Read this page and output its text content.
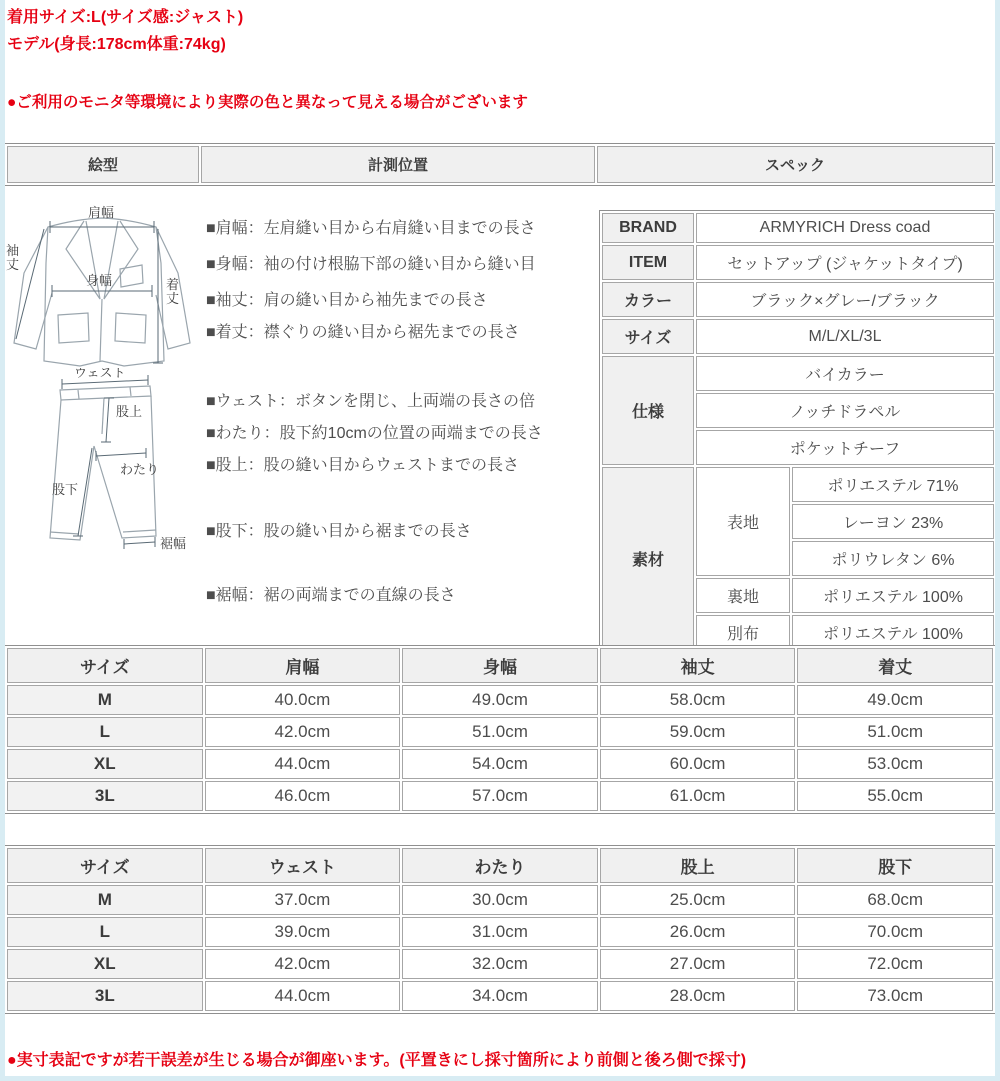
着用サイズ:L(サイズ感:ジャスト)
モデル(身長:178cm体重:74kg)
●ご利用のモニタ等環境により実際の色と異なって見える場合がございます
絵型	計測位置	スペック
肩幅
袖
丈
身幅	着
丈
ウェスト
股上
わたり
股下
裾幅
■肩幅：左肩縫い目から右肩縫い目までの長さ
■身幅：袖の付け根脇下部の縫い目から縫い目
■袖丈：肩の縫い目から袖先までの長さ
■着丈：襟ぐりの縫い目から裾先までの長さ
■ウェスト：ボタンを閉じ、上両端の長さの倍
■わたり：股下約10cmの位置の両端までの長さ
■股上：股の縫い目からウェストまでの長さ
■股下：股の縫い目から裾までの長さ
■裾幅：裾の両端までの直線の長さ
BRAND	ARMYRICH Dress coad	
ITEM	セットアップ (ジャケットタイプ)	
カラー	ブラック×グレー/ブラック	
サイズ	M/L/XL/3L	
仕様	バイカラー	
	ノッチドラペル	
	ポケットチーフ	
素材	表地	ポリエステル 71%
		レーヨン 23%
		ポリウレタン 6%
	裏地	ポリエステル 100%
	別布	ポリエステル 100%
サイズ	肩幅	身幅	袖丈	着丈
M	40.0cm	49.0cm	58.0cm	49.0cm
L	42.0cm	51.0cm	59.0cm	51.0cm
XL	44.0cm	54.0cm	60.0cm	53.0cm
3L	46.0cm	57.0cm	61.0cm	55.0cm
サイズ	ウェスト	わたり	股上	股下
M	37.0cm	30.0cm	25.0cm	68.0cm
L	39.0cm	31.0cm	26.0cm	70.0cm
XL	42.0cm	32.0cm	27.0cm	72.0cm
3L	44.0cm	34.0cm	28.0cm	73.0cm
●実寸表記ですが若干誤差が生じる場合が御座います。(平置きにし採寸箇所により前側と後ろ側で採寸)
